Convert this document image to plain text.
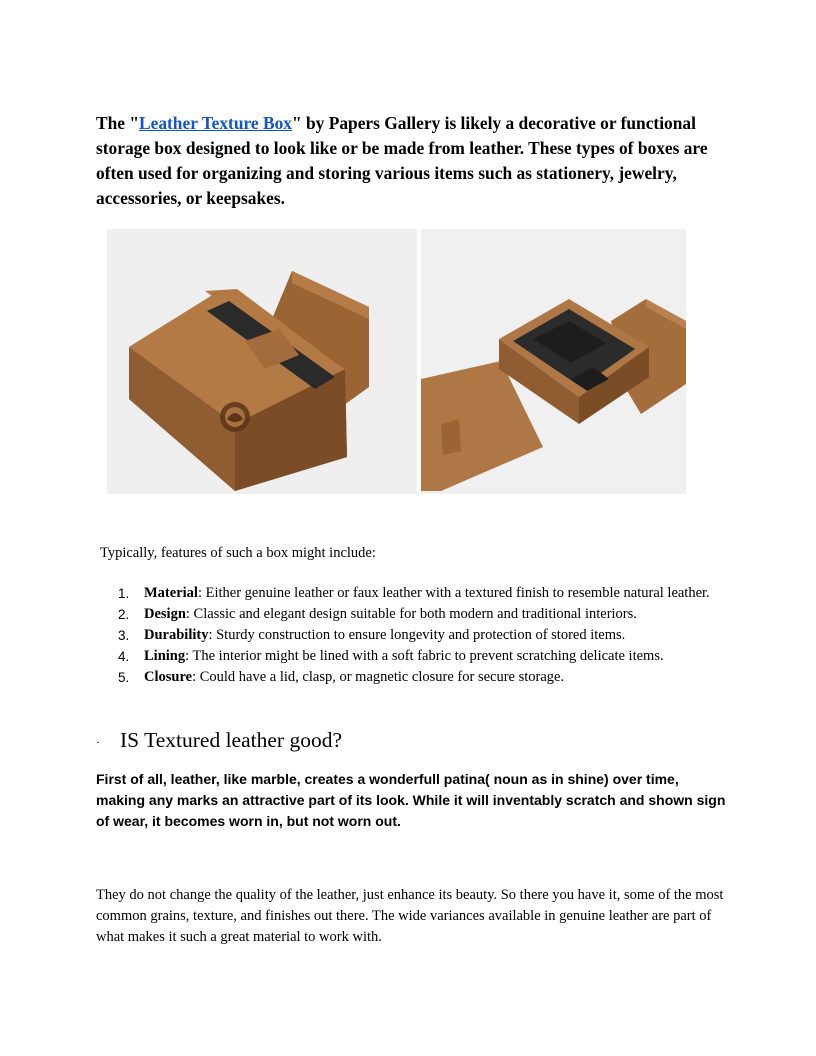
The "Leather Texture Box" by Papers Gallery is likely a decorative or functional storage box designed to look like or be made from leather. These types of boxes are often used for organizing and storing various items such as stationery, jewelry, accessories, or keepsakes.

Typically, features of such a box might include:

1. Material: Either genuine leather or faux leather with a textured finish to resemble natural leather.
2. Design: Classic and elegant design suitable for both modern and traditional interiors.
3. Durability: Sturdy construction to ensure longevity and protection of stored items.
4. Lining: The interior might be lined with a soft fabric to prevent scratching delicate items.
5. Closure: Could have a lid, clasp, or magnetic closure for secure storage.
· IS Textured leather good?

First of all, leather, like marble, creates a wonderfull patina( noun as in shine) over time, making any marks an attractive part of its look. While it will inventably scratch and shown sign of wear, it becomes worn in, but not worn out.

They do not change the quality of the leather, just enhance its beauty. So there you have it, some of the most common grains, texture, and finishes out there. The wide variances available in genuine leather are part of what makes it such a great material to work with.
